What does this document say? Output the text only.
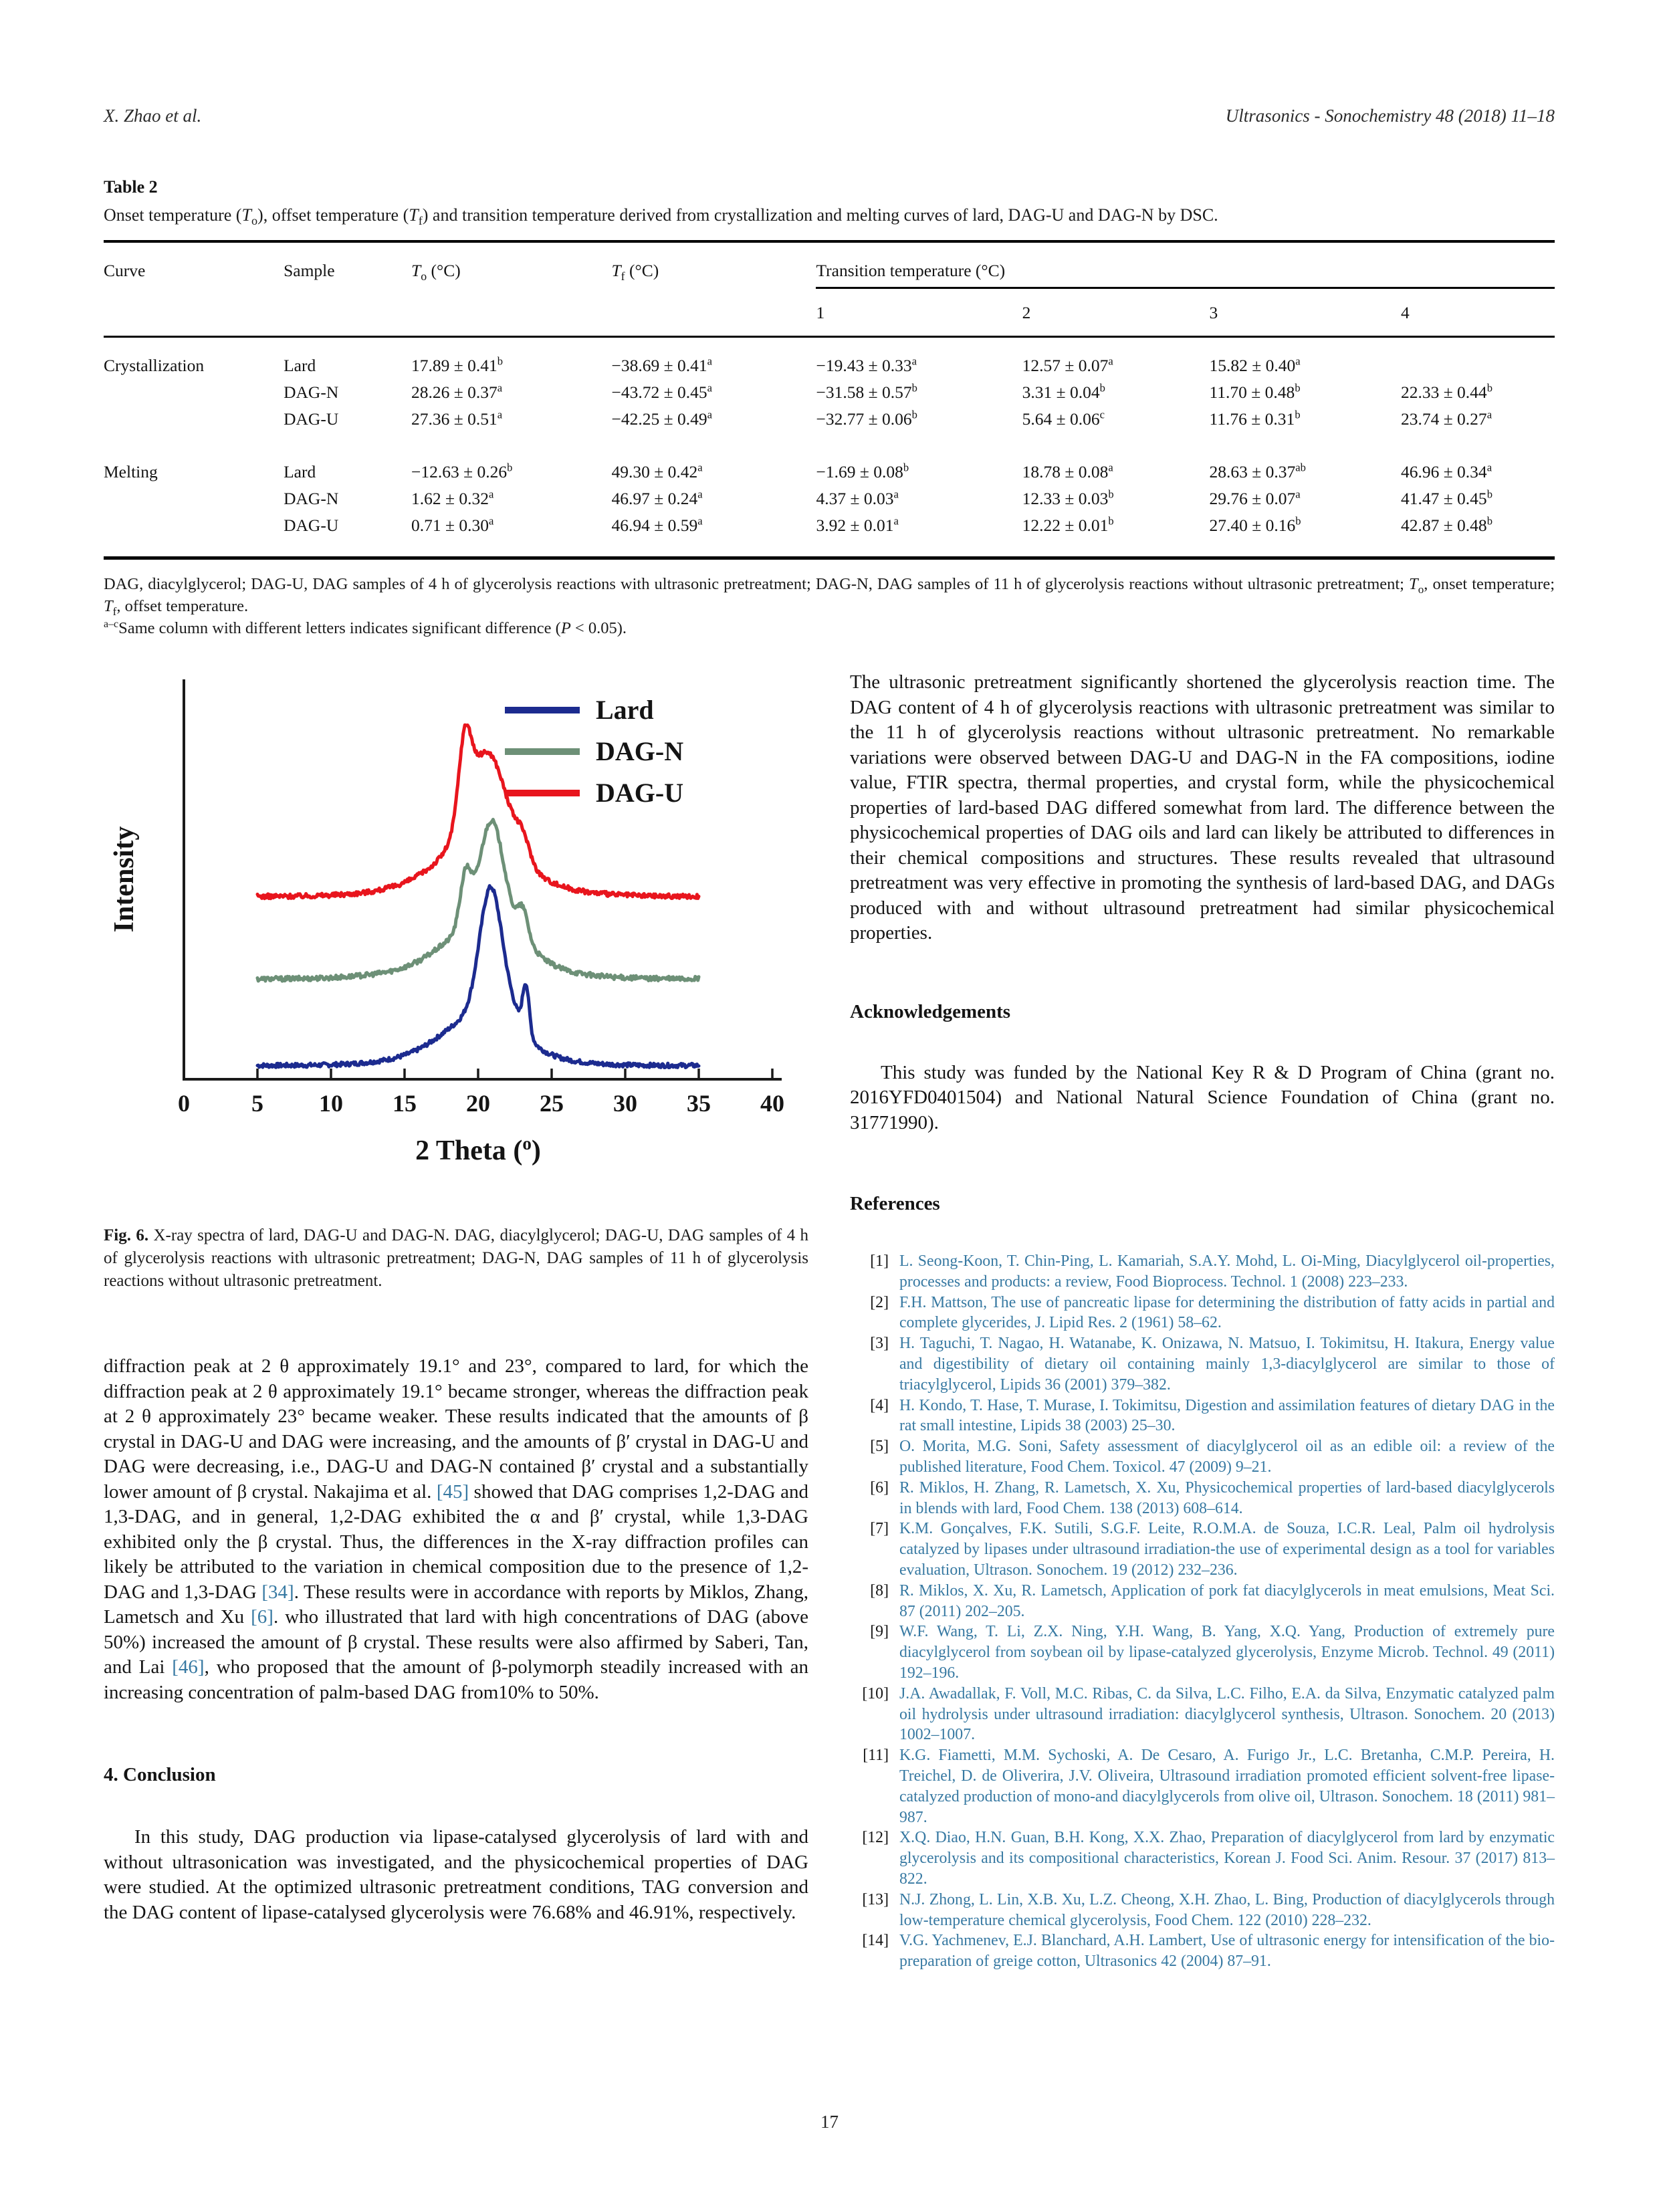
X. Zhao et al.	Ultrasonics - Sonochemistry 48 (2018) 11–18
Table 2
Onset temperature $(T_o)$, offset temperature $(T_f)$ and transition temperature derived from crystallization and melting curves of lard, DAG-U and DAG-N by DSC.
Curve	Sample	$T_o$ (°C)	$T_f$ (°C)	Transition temperature (°C)			
				1	2	3	4
Crystallization	Lard	17.89 ± 0.41$^b$	−38.69 ± 0.41$^a$	−19.43 ± 0.33$^a$	12.57 ± 0.07$^a$	15.82 ± 0.40$^a$	
	DAG-N	28.26 ± 0.37$^a$	−43.72 ± 0.45$^a$	−31.58 ± 0.57$^b$	3.31 ± 0.04$^b$	11.70 ± 0.48$^b$	22.33 ± 0.44$^b$
	DAG-U	27.36 ± 0.51$^a$	−42.25 ± 0.49$^a$	−32.77 ± 0.06$^b$	5.64 ± 0.06$^c$	11.76 ± 0.31$^b$	23.74 ± 0.27$^a$
Melting	Lard	−12.63 ± 0.26$^b$	49.30 ± 0.42$^a$	−1.69 ± 0.08$^b$	18.78 ± 0.08$^a$	28.63 ± 0.37$^{ab}$	46.96 ± 0.34$^a$
	DAG-N	1.62 ± 0.32$^a$	46.97 ± 0.24$^a$	4.37 ± 0.03$^a$	12.33 ± 0.03$^b$	29.76 ± 0.07$^a$	41.47 ± 0.45$^b$
	DAG-U	0.71 ± 0.30$^a$	46.94 ± 0.59$^a$	3.92 ± 0.01$^a$	12.22 ± 0.01$^b$	27.40 ± 0.16$^b$	42.87 ± 0.48$^b$
DAG, diacylglycerol; DAG-U, DAG samples of 4 h of glycerolysis reactions with ultrasonic pretreatment; DAG-N, DAG samples of 11 h of glycerolysis reactions without ultrasonic pretreatment; $T_o$, onset temperature; $T_f$, offset temperature.
$^{a-c}$Same column with different letters indicates significant difference (P < 0.05).
0	5 10 15 20 25 30 35 40
2 Theta ($^o$)
Intensity
Lard
DAG-N
DAG-U
Fig. 6. X-ray spectra of lard, DAG-U and DAG-N. DAG, diacylglycerol; DAG-U, DAG samples of 4 h of glycerolysis reactions with ultrasonic pretreatment; DAG-N, DAG samples of 11 h of glycerolysis reactions without ultrasonic pretreatment.
diffraction peak at 2 θ approximately 19.1° and 23°, compared to lard, for which the diffraction peak at 2 θ approximately 19.1° became stronger, whereas the diffraction peak at 2 θ approximately 23° became weaker. These results indicated that the amounts of β crystal in DAG-U and DAG were increasing, and the amounts of β′ crystal in DAG-U and DAG were decreasing, i.e., DAG-U and DAG-N contained β′ crystal and a substantially lower amount of β crystal. Nakajima et al. [45] showed that DAG comprises 1,2-DAG and 1,3-DAG, and in general, 1,2-DAG exhibited the α and β′ crystal, while 1,3-DAG exhibited only the β crystal. Thus, the differences in the X-ray diffraction profiles can likely be attributed to the variation in chemical composition due to the presence of 1,2-DAG and 1,3-DAG [34]. These results were in accordance with reports by Miklos, Zhang, Lametsch and Xu [6]. who illustrated that lard with high concentrations of DAG (above 50%) increased the amount of β crystal. These results were also affirmed by Saberi, Tan, and Lai [46], who proposed that the amount of β-polymorph steadily increased with an increasing concentration of palm-based DAG from10% to 50%.
4. Conclusion
In this study, DAG production via lipase-catalysed glycerolysis of lard with and without ultrasonication was investigated, and the physicochemical properties of DAG were studied. At the optimized ultrasonic pretreatment conditions, TAG conversion and the DAG content of lipase-catalysed glycerolysis were 76.68% and 46.91%, respectively.
The ultrasonic pretreatment significantly shortened the glycerolysis reaction time. The DAG content of 4 h of glycerolysis reactions with ultrasonic pretreatment was similar to the 11 h of glycerolysis reactions without ultrasonic pretreatment. No remarkable variations were observed between DAG-U and DAG-N in the FA compositions, iodine value, FTIR spectra, thermal properties, and crystal form, while the physicochemical properties of lard-based DAG differed somewhat from lard. The difference between the physicochemical properties of DAG oils and lard can likely be attributed to differences in their chemical compositions and structures. These results revealed that ultrasound pretreatment was very effective in promoting the synthesis of lard-based DAG, and DAGs produced with and without ultrasound pretreatment had similar physicochemical properties.
Acknowledgements
This study was funded by the National Key R & D Program of China (grant no. 2016YFD0401504) and National Natural Science Foundation of China (grant no. 31771990).
References
[1] L. Seong-Koon, T. Chin-Ping, L. Kamariah, S.A.Y. Mohd, L. Oi-Ming, Diacylglycerol oil-properties, processes and products: a review, Food Bioprocess. Technol. 1 (2008) 223–233.
[2] F.H. Mattson, The use of pancreatic lipase for determining the distribution of fatty acids in partial and complete glycerides, J. Lipid Res. 2 (1961) 58–62.
[3] H. Taguchi, T. Nagao, H. Watanabe, K. Onizawa, N. Matsuo, I. Tokimitsu, H. Itakura, Energy value and digestibility of dietary oil containing mainly 1,3-diacylglycerol are similar to those of triacylglycerol, Lipids 36 (2001) 379–382.
[4] H. Kondo, T. Hase, T. Murase, I. Tokimitsu, Digestion and assimilation features of dietary DAG in the rat small intestine, Lipids 38 (2003) 25–30.
[5] O. Morita, M.G. Soni, Safety assessment of diacylglycerol oil as an edible oil: a review of the published literature, Food Chem. Toxicol. 47 (2009) 9–21.
[6] R. Miklos, H. Zhang, R. Lametsch, X. Xu, Physicochemical properties of lard-based diacylglycerols in blends with lard, Food Chem. 138 (2013) 608–614.
[7] K.M. Gonçalves, F.K. Sutili, S.G.F. Leite, R.O.M.A. de Souza, I.C.R. Leal, Palm oil hydrolysis catalyzed by lipases under ultrasound irradiation-the use of experimental design as a tool for variables evaluation, Ultrason. Sonochem. 19 (2012) 232–236.
[8] R. Miklos, X. Xu, R. Lametsch, Application of pork fat diacylglycerols in meat emulsions, Meat Sci. 87 (2011) 202–205.
[9] W.F. Wang, T. Li, Z.X. Ning, Y.H. Wang, B. Yang, X.Q. Yang, Production of extremely pure diacylglycerol from soybean oil by lipase-catalyzed glycerolysis, Enzyme Microb. Technol. 49 (2011) 192–196.
[10] J.A. Awadallak, F. Voll, M.C. Ribas, C. da Silva, L.C. Filho, E.A. da Silva, Enzymatic catalyzed palm oil hydrolysis under ultrasound irradiation: diacylglycerol synthesis, Ultrason. Sonochem. 20 (2013) 1002–1007.
[11] K.G. Fiametti, M.M. Sychoski, A. De Cesaro, A. Furigo Jr., L.C. Bretanha, C.M.P. Pereira, H. Treichel, D. de Oliverira, J.V. Oliveira, Ultrasound irradiation promoted efficient solvent-free lipase-catalyzed production of mono-and diacylglycerols from olive oil, Ultrason. Sonochem. 18 (2011) 981–987.
[12] X.Q. Diao, H.N. Guan, B.H. Kong, X.X. Zhao, Preparation of diacylglycerol from lard by enzymatic glycerolysis and its compositional characteristics, Korean J. Food Sci. Anim. Resour. 37 (2017) 813–822.
[13] N.J. Zhong, L. Lin, X.B. Xu, L.Z. Cheong, X.H. Zhao, L. Bing, Production of diacylglycerols through low-temperature chemical glycerolysis, Food Chem. 122 (2010) 228–232.
[14] V.G. Yachmenev, E.J. Blanchard, A.H. Lambert, Use of ultrasonic energy for intensification of the bio-preparation of greige cotton, Ultrasonics 42 (2004) 87–91.
17
